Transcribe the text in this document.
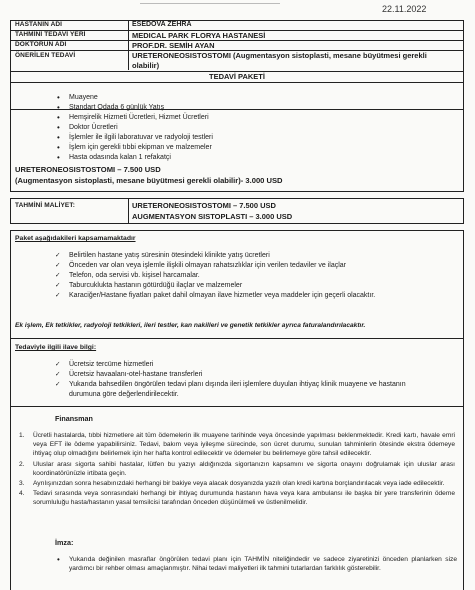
22.11.2022
HASTANIN ADI	ESEDOVA ZEHRA
TAHMİNİ TEDAVİ YERİ	MEDICAL PARK FLORYA HASTANESİ
DOKTORUN ADI	PROF.DR. SEMİH AYAN
ÖNERİLEN TEDAVİ	URETERONEOSISTOSTOMI (Augmentasyon sistoplasti, mesane büyütmesi gerekli olabilir)
TEDAVİ PAKETİ
• Muayene
• Standart Odada 6 günlük Yatış
• Hemşirelik Hizmeti Ücretleri, Hizmet Ücretleri
• Doktor Ücretleri
• İşlemler ile ilgili laboratuvar ve radyoloji testleri
• İşlem için gerekli tıbbi ekipman ve malzemeler
• Hasta odasında kalan 1 refakatçi
URETERONEOSISTOSTOMI – 7.500 USD
(Augmentasyon sistoplasti, mesane büyütmesi gerekli olabilir)- 3.000 USD
TAHMİNİ MALİYET:	URETERONEOSISTOSTOMI – 7.500 USD
AUGMENTASYON SISTOPLASTI – 3.000 USD
Paket aşağıdakileri kapsamamaktadır
✓ Belirtilen hastane yatış süresinin ötesindeki klinikte yatış ücretleri
✓ Önceden var olan veya işlemle ilişkili olmayan rahatsızlıklar için verilen tedaviler ve ilaçlar
✓ Telefon, oda servisi vb. kişisel harcamalar.
✓ Taburcuklukta hastanın götürdüğü ilaçlar ve malzemeler
✓ Karaciğer/Hastane fiyatları paket dahil olmayan ilave hizmetler veya maddeler için geçerli olacaktır.
Ek işlem, Ek tetkikler, radyoloji tetkikleri, ileri testler, kan nakilleri ve genetik tetkikler ayrıca faturalandırılacaktır.
Tedaviyle ilgili ilave bilgi:
✓ Ücretsiz tercüme hizmetleri
✓ Ücretsiz havaalanı-otel-hastane transferleri
✓ Yukarıda bahsedilen öngörülen tedavi planı dışında ileri işlemlere duyulan ihtiyaç klinik muayene ve hastanın durumuna göre değerlendirilecektir.
Finansman
1. Ücretli hastalarda, tıbbi hizmetlere ait tüm ödemelerin ilk muayene tarihinde veya öncesinde yapılması beklenmektedir. Kredi kartı, havale emri veya EFT ile ödeme yapabilirsiniz. Tedavi, bakım veya iyileşme sürecinde, son ücret durumu, sunulan tahminlerin ötesinde ekstra ödemeye ihtiyaç olup olmadığını belirlemek için her hafta kontrol edilecektir ve ödemeler bu belirlemeye göre tahsil edilecektir.
2. Uluslar arası sigorta sahibi hastalar, lütfen bu yazıyı aldığınızda sigortanızın kapsamını ve sigorta onayını doğrulamak için uluslar arası koordinatörünüzle irtibata geçin.
3. Ayrılışınızdan sonra hesabınızdaki herhangi bir bakiye veya alacak dosyanızda yazılı olan kredi kartına borçlandırılacak veya iade edilecektir.
4. Tedavi sırasında veya sonrasındaki herhangi bir ihtiyaç durumunda hastanın hava veya kara ambulansı ile başka bir yere transferinin ödeme sorumluluğu hasta/hastanın yasal temsilcisi tarafından önceden düşünülmeli ve üstlenilmelidir.
İmza:
• Yukarıda değinilen masraflar öngörülen tedavi planı için TAHMİN niteliğindedir ve sadece ziyaretinizi önceden planlarken size yardımcı bir rehber olması amaçlanmıştır. Nihai tedavi maliyetleri ilk tahmini tutarlardan farklılık gösterebilir.
